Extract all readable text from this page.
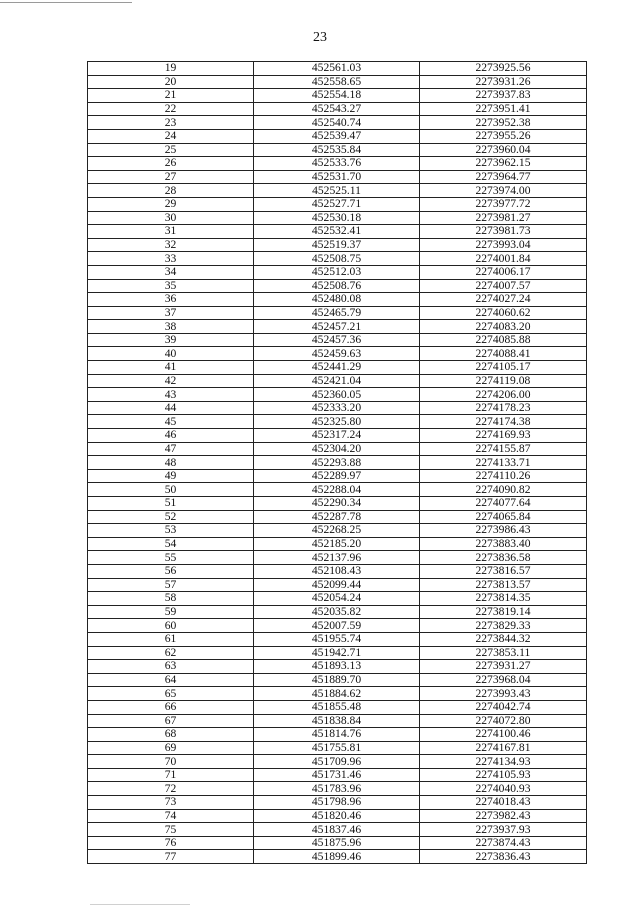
23
19	452561.03	2273925.56
20	452558.65	2273931.26
21	452554.18	2273937.83
22	452543.27	2273951.41
23	452540.74	2273952.38
24	452539.47	2273955.26
25	452535.84	2273960.04
26	452533.76	2273962.15
27	452531.70	2273964.77
28	452525.11	2273974.00
29	452527.71	2273977.72
30	452530.18	2273981.27
31	452532.41	2273981.73
32	452519.37	2273993.04
33	452508.75	2274001.84
34	452512.03	2274006.17
35	452508.76	2274007.57
36	452480.08	2274027.24
37	452465.79	2274060.62
38	452457.21	2274083.20
39	452457.36	2274085.88
40	452459.63	2274088.41
41	452441.29	2274105.17
42	452421.04	2274119.08
43	452360.05	2274206.00
44	452333.20	2274178.23
45	452325.80	2274174.38
46	452317.24	2274169.93
47	452304.20	2274155.87
48	452293.88	2274133.71
49	452289.97	2274110.26
50	452288.04	2274090.82
51	452290.34	2274077.64
52	452287.78	2274065.84
53	452268.25	2273986.43
54	452185.20	2273883.40
55	452137.96	2273836.58
56	452108.43	2273816.57
57	452099.44	2273813.57
58	452054.24	2273814.35
59	452035.82	2273819.14
60	452007.59	2273829.33
61	451955.74	2273844.32
62	451942.71	2273853.11
63	451893.13	2273931.27
64	451889.70	2273968.04
65	451884.62	2273993.43
66	451855.48	2274042.74
67	451838.84	2274072.80
68	451814.76	2274100.46
69	451755.81	2274167.81
70	451709.96	2274134.93
71	451731.46	2274105.93
72	451783.96	2274040.93
73	451798.96	2274018.43
74	451820.46	2273982.43
75	451837.46	2273937.93
76	451875.96	2273874.43
77	451899.46	2273836.43
